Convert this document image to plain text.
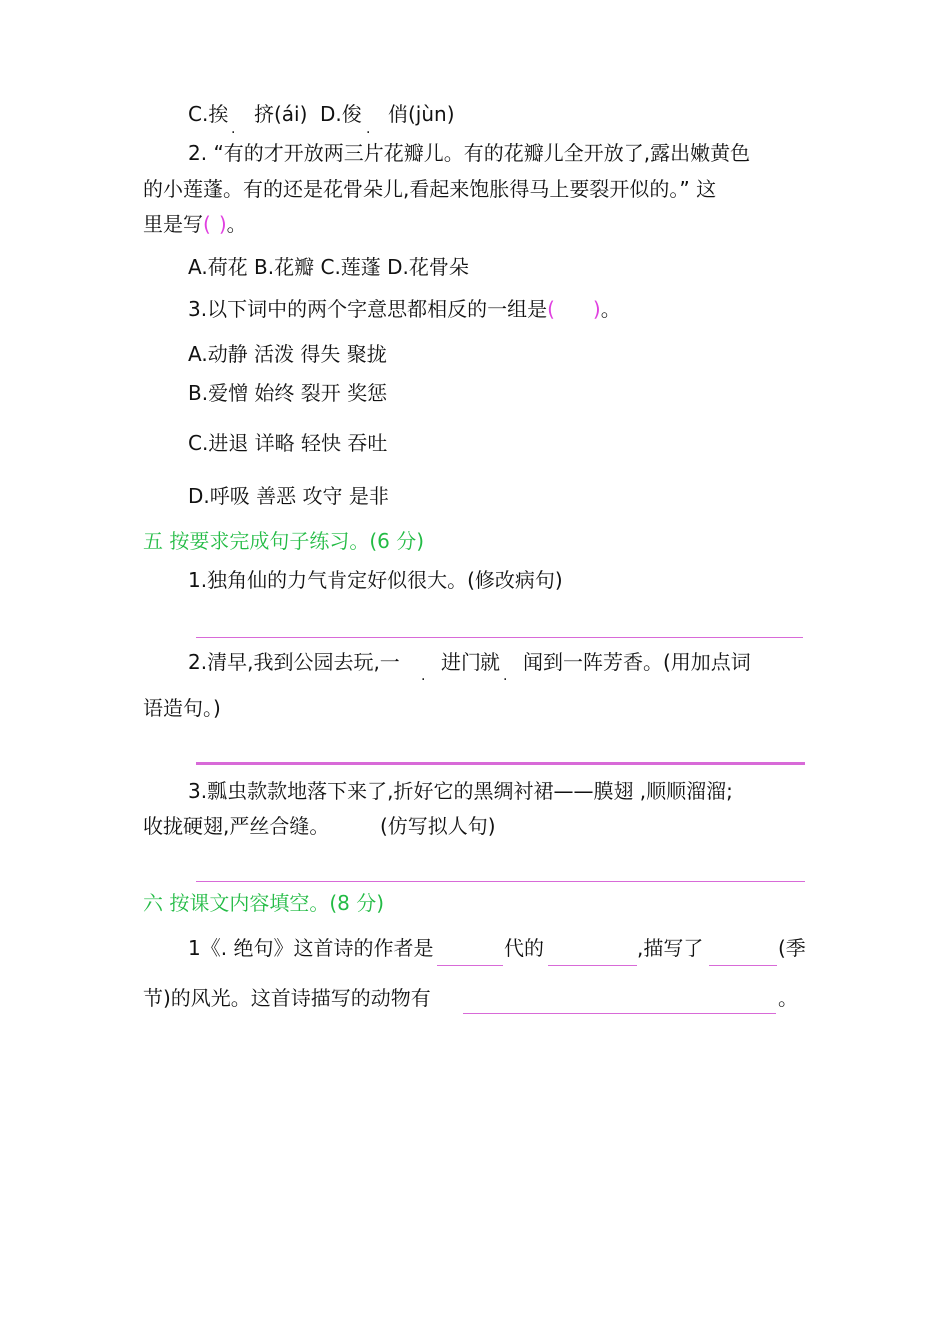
C.挨
·
挤(ái) D.俊
·
俏(jùn)
2. “有的才开放两三片花瓣儿。有的花瓣儿全开放了,露出嫩黄色
的小莲蓬。有的还是花骨朵儿,看起来饱胀得马上要裂开似的。” 这
里是写( )。
A.荷花 B.花瓣 C.莲蓬 D.花骨朵
3.以下词中的两个字意思都相反的一组是( )。
A.动静 活泼 得失 聚拢
B.爱憎 始终 裂开 奖惩
C.进退 详略 轻快 吞吐
D.呼吸 善恶 攻守 是非
五 按要求完成句子练习。(6 分)
1.独角仙的力气肯定好似很大。(修改病句)
2.清早,我到公园去玩,一
·
进门 就
·
闻到一阵芳香。(用加点词
语造句。)
3.瓢虫款款地落下来了,折好它的黑绸衬裙——膜翅 ,顺顺溜溜;
收拢硬翅,严丝合缝。	(仿写拟人句)
六 按课文内容填空。(8 分)
1《. 绝句》这首诗的作者是	代的	,描写了	(季
节)的风光。这首诗描写的动物有	。
